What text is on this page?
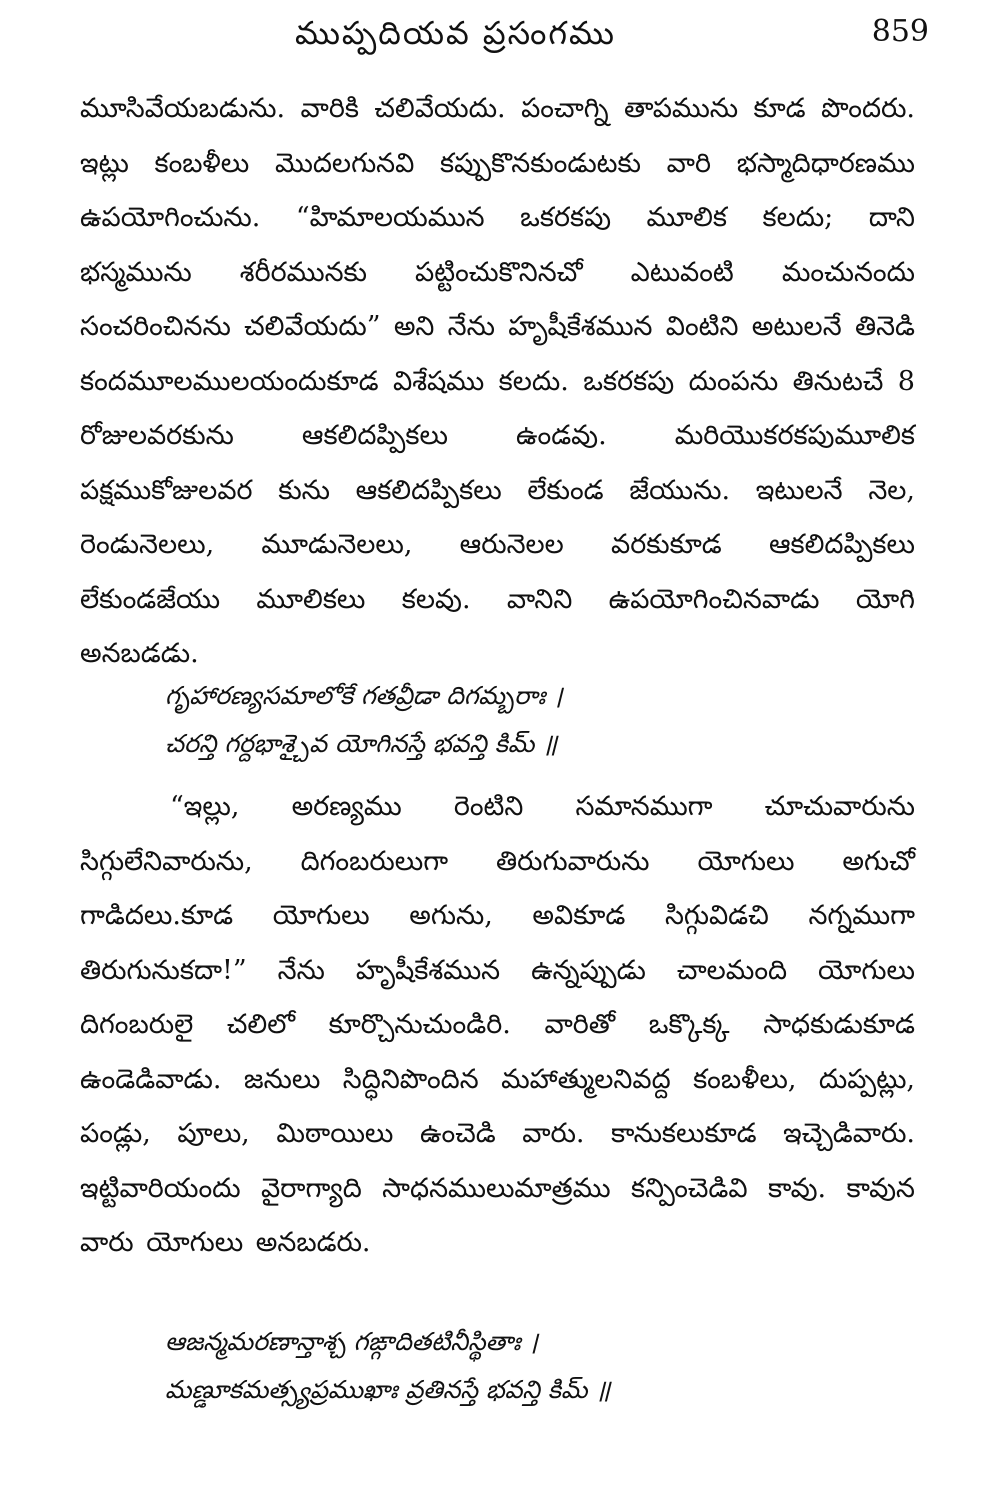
ముప్పదియవ ప్రసంగము	859

మూసివేయబడును. వారికి చలివేయదు. పంచాగ్ని తాపమును కూడ పొందరు. ఇట్లు కంబళీలు మొదలగునవి కప్పుకొనకుండుటకు వారి భస్మాదిధారణము ఉపయోగించును. “హిమాలయమున ఒకరకపు మూలిక కలదు; దాని భస్మమును శరీరమునకు పట్టించుకొనినచో ఎటువంటి మంచునందు సంచరించినను చలివేయదు” అని నేను హృషీకేశమున వింటిని అటులనే తినెడి కందమూలములయందుకూడ విశేషము కలదు. ఒకరకపు దుంపను తినుటచే 8 రోజులవరకును ఆకలిదప్పికలు ఉండవు. మరియొకరకపుమూలిక పక్షముకోజులవర కును ఆకలిదప్పికలు లేకుండ జేయును. ఇటులనే నెల, రెండునెలలు, మూడునెలలు, ఆరునెలల వరకుకూడ ఆకలిదప్పికలు లేకుండజేయు మూలికలు కలవు. వానిని ఉపయోగించినవాడు యోగి అనబడడు.

గృహారణ్యసమాలోకే గతవ్రీడా దిగమ్బరాః ।
చరన్తి గర్దభాశ్చైవ యోగినస్తే భవన్తి కిమ్ ॥

“ఇల్లు, అరణ్యము రెంటిని సమానముగా చూచువారును సిగ్గులేనివారును, దిగంబరులుగా తిరుగువారును యోగులు అగుచో గాడిదలు.కూడ యోగులు అగును, అవికూడ సిగ్గువిడచి నగ్నముగా తిరుగునుకదా!” నేను హృషీకేశమున ఉన్నప్పుడు చాలమంది యోగులు దిగంబరులై చలిలో కూర్చొనుచుండిరి. వారితో ఒక్కొక్క సాధకుడుకూడ ఉండెడివాడు. జనులు సిద్ధినిపొందిన మహాత్ములనివద్ద కంబళీలు, దుప్పట్లు, పండ్లు, పూలు, మిఠాయిలు ఉంచెడి వారు. కానుకలుకూడ ఇచ్చెడివారు. ఇట్టివారియందు వైరాగ్యాది సాధనములుమాత్రము కన్పించెడివి కావు. కావున వారు యోగులు అనబడరు.

ఆజన్మమరణాన్తాశ్చ గఙ్గాదితటినీస్థితాః ।
మణ్డూకమత్స్యప్రముఖాః వ్రతినస్తే భవన్తి కిమ్ ॥
